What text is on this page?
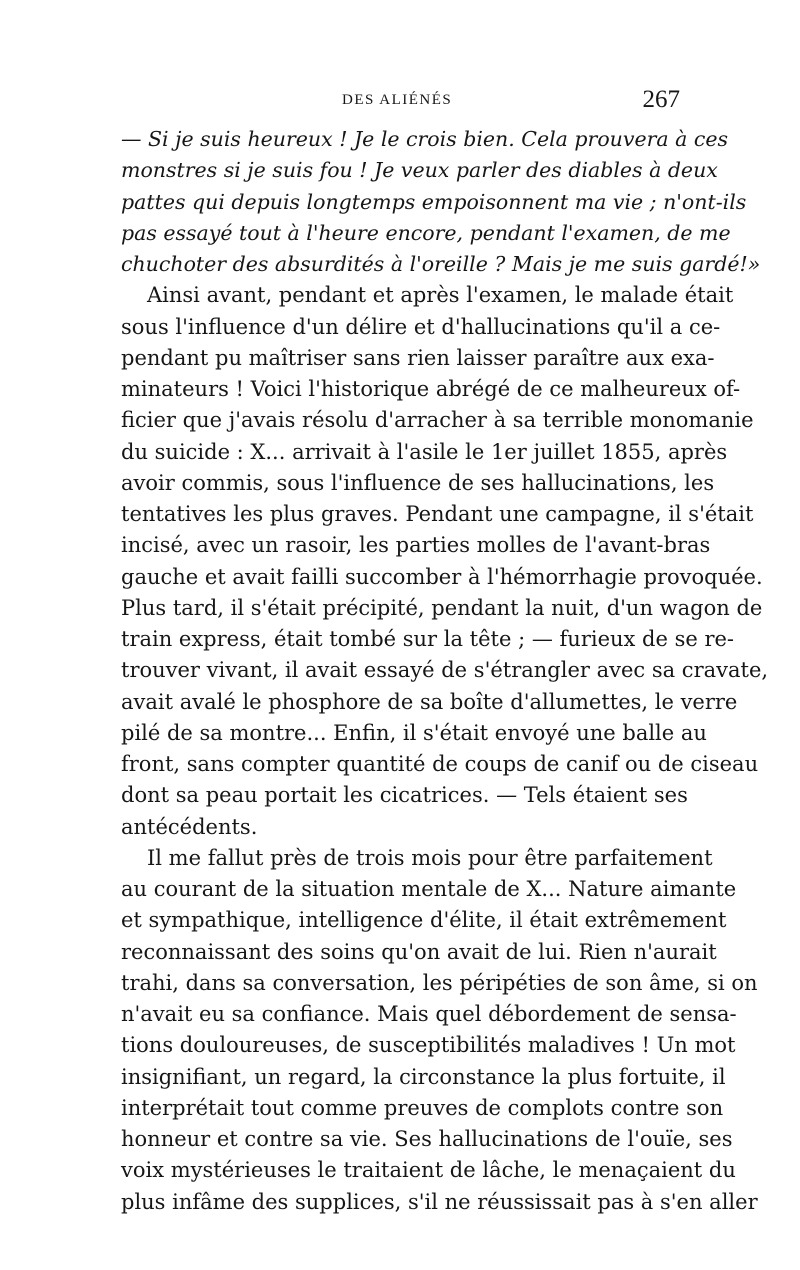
DES ALIÉNÉS	267
— Si je suis heureux ! Je le crois bien. Cela prouvera à ces
monstres si je suis fou ! Je veux parler des diables à deux
pattes qui depuis longtemps empoisonnent ma vie ; n'ont-ils
pas essayé tout à l'heure encore, pendant l'examen, de me
chuchoter des absurdités à l'oreille ? Mais je me suis gardé!»
Ainsi avant, pendant et après l'examen, le malade était
sous l'influence d'un délire et d'hallucinations qu'il a ce-
pendant pu maîtriser sans rien laisser paraître aux exa-
minateurs ! Voici l'historique abrégé de ce malheureux of-
ficier que j'avais résolu d'arracher à sa terrible monomanie
du suicide : X... arrivait à l'asile le 1er juillet 1855, après
avoir commis, sous l'influence de ses hallucinations, les
tentatives les plus graves. Pendant une campagne, il s'était
incisé, avec un rasoir, les parties molles de l'avant-bras
gauche et avait failli succomber à l'hémorrhagie provoquée.
Plus tard, il s'était précipité, pendant la nuit, d'un wagon de
train express, était tombé sur la tête ; — furieux de se re-
trouver vivant, il avait essayé de s'étrangler avec sa cravate,
avait avalé le phosphore de sa boîte d'allumettes, le verre
pilé de sa montre... Enfin, il s'était envoyé une balle au
front, sans compter quantité de coups de canif ou de ciseau
dont sa peau portait les cicatrices. — Tels étaient ses
antécédents.
Il me fallut près de trois mois pour être parfaitement
au courant de la situation mentale de X... Nature aimante
et sympathique, intelligence d'élite, il était extrêmement
reconnaissant des soins qu'on avait de lui. Rien n'aurait
trahi, dans sa conversation, les péripéties de son âme, si on
n'avait eu sa confiance. Mais quel débordement de sensa-
tions douloureuses, de susceptibilités maladives ! Un mot
insignifiant, un regard, la circonstance la plus fortuite, il
interprétait tout comme preuves de complots contre son
honneur et contre sa vie. Ses hallucinations de l'ouïe, ses
voix mystérieuses le traitaient de lâche, le menaçaient du
plus infâme des supplices, s'il ne réussissait pas à s'en aller
